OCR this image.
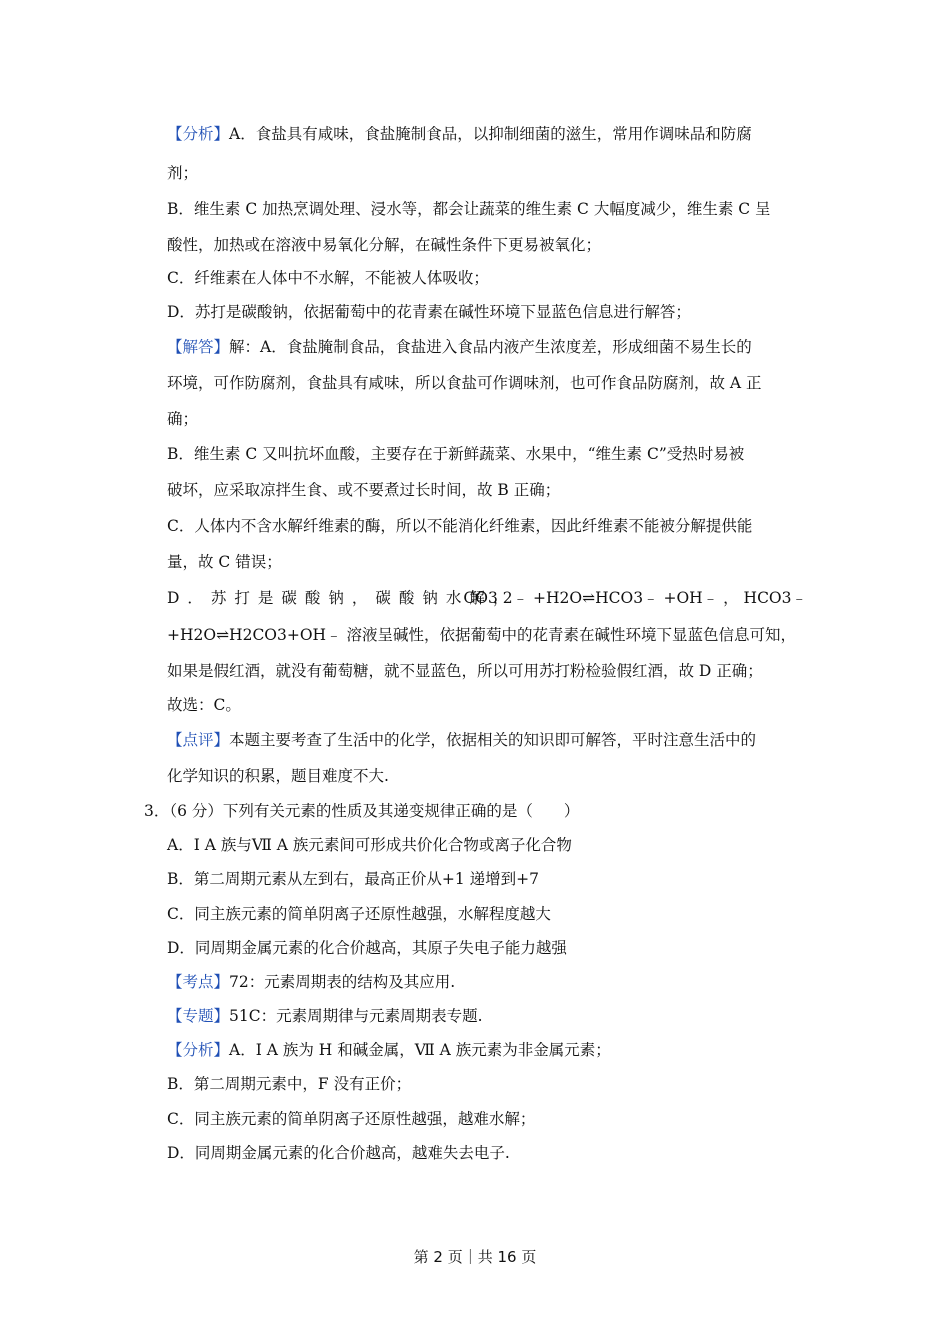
【分析】A．食盐具有咸味，食盐腌制食品，以抑制细菌的滋生，常用作调味品和防腐
剂；
B．维生素 C 加热烹调处理、浸水等，都会让蔬菜的维生素 C 大幅度减少，维生素 C 呈
酸性，加热或在溶液中易氧化分解，在碱性条件下更易被氧化；
C．纤维素在人体中不水解，不能被人体吸收；
D．苏打是碳酸钠，依据葡萄中的花青素在碱性环境下显蓝色信息进行解答；
【解答】解：A．食盐腌制食品，食盐进入食品内液产生浓度差，形成细菌不易生长的
环境，可作防腐剂，食盐具有咸味，所以食盐可作调味剂，也可作食品防腐剂，故 A 正
确；
B．维生素 C 又叫抗坏血酸，主要存在于新鲜蔬菜、水果中，“维生素 C”受热时易被
破坏，应采取凉拌生食、或不要煮过长时间，故 B 正确；
C．人体内不含水解纤维素的酶，所以不能消化纤维素，因此纤维素不能被分解提供能
量，故 C 错误；
D．苏打是碳酸钠，碳酸钠水解，
CO3 2﹣ +H2O⇌HCO3﹣ +OH﹣ ， HCO3﹣
+H2O⇌H2CO3+OH﹣ 溶液呈碱性，依据葡萄中的花青素在碱性环境下显蓝色信息可知，
如果是假红酒，就没有葡萄糖，就不显蓝色，所以可用苏打粉检验假红酒，故 D 正确；
故选：C。
【点评】本题主要考查了生活中的化学，依据相关的知识即可解答，平时注意生活中的
化学知识的积累，题目难度不大.
3．（6 分）下列有关元素的性质及其递变规律正确的是（　　）
A．Ⅰ A 族与Ⅶ A 族元素间可形成共价化合物或离子化合物
B．第二周期元素从左到右，最高正价从+1 递增到+7
C．同主族元素的简单阴离子还原性越强，水解程度越大
D．同周期金属元素的化合价越高，其原子失电子能力越强
【考点】72：元素周期表的结构及其应用.
【专题】51C：元素周期律与元素周期表专题.
【分析】A．Ⅰ A 族为 H 和碱金属，Ⅶ A 族元素为非金属元素；
B．第二周期元素中，F 没有正价；
C．同主族元素的简单阴离子还原性越强，越难水解；
D．同周期金属元素的化合价越高，越难失去电子.
第 2 页｜共 16 页
